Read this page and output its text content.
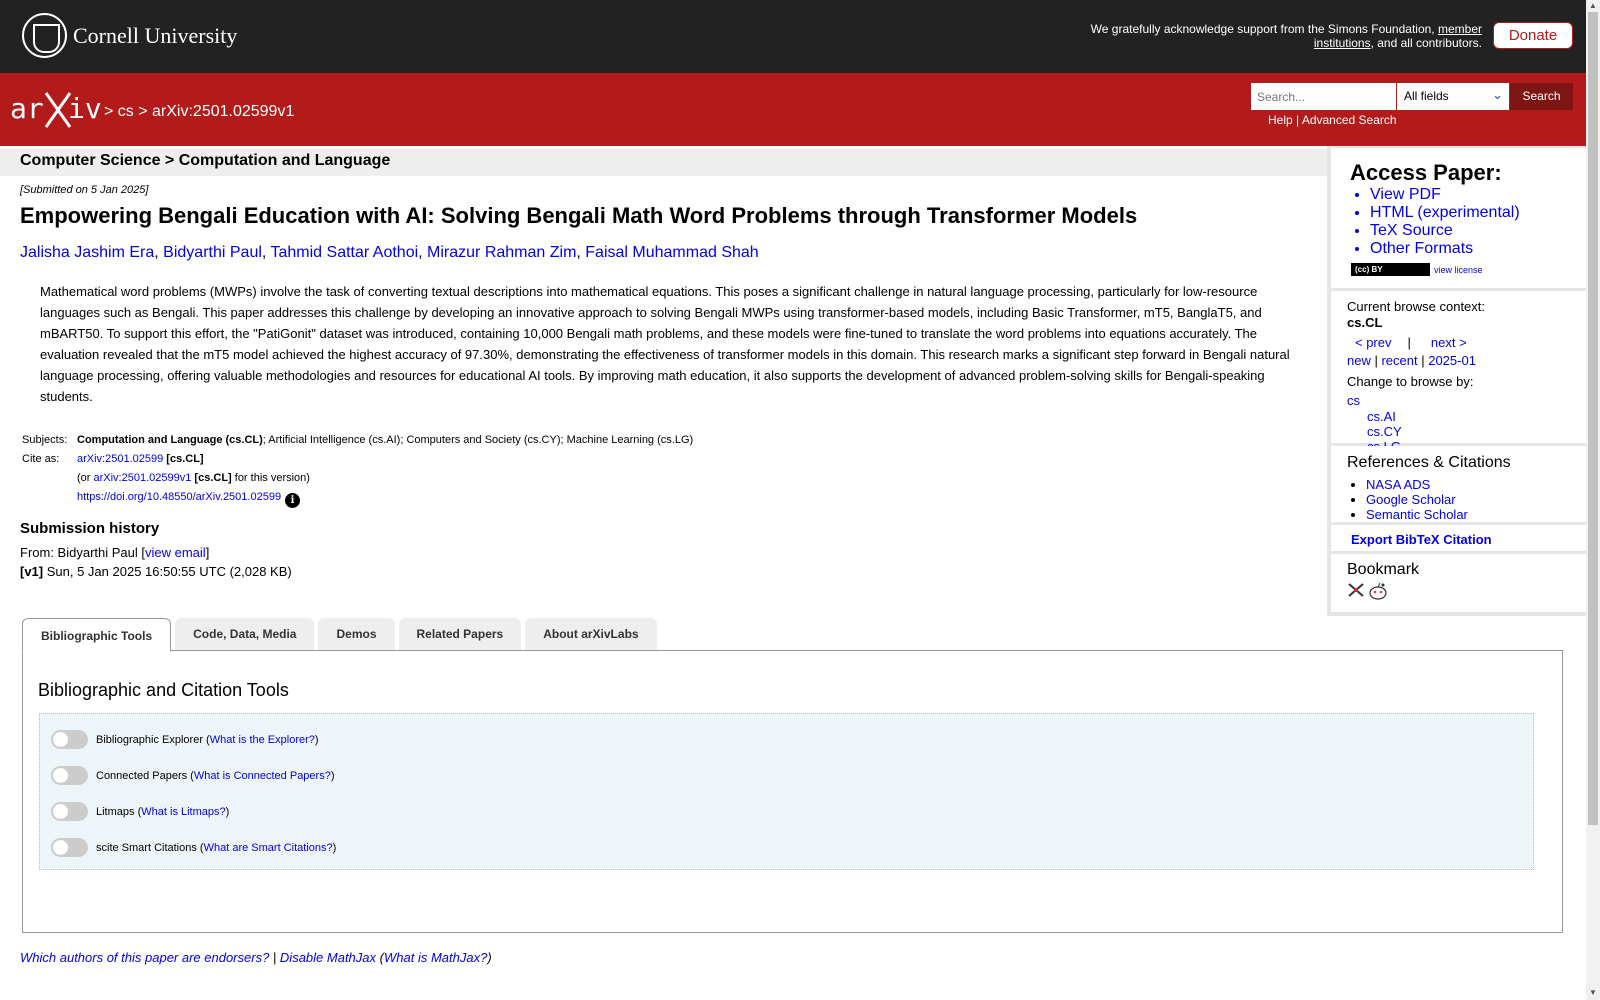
Cornell University	We gratefully acknowledge support from the Simons Foundation, member institutions, and all contributors.	Donate
ar iv > cs > arXiv:2501.02599v1
Search...
All fields	⌄	Search
Help | Advanced Search
Computer Science > Computation and Language
[Submitted on 5 Jan 2025]
Empowering Bengali Education with AI: Solving Bengali Math Word Problems through Transformer Models
Jalisha Jashim Era, Bidyarthi Paul, Tahmid Sattar Aothoi, Mirazur Rahman Zim, Faisal Muhammad Shah
Mathematical word problems (MWPs) involve the task of converting textual descriptions into mathematical equations. This poses a significant challenge in natural language processing, particularly for low-resource languages such as Bengali. This paper addresses this challenge by developing an innovative approach to solving Bengali MWPs using transformer-based models, including Basic Transformer, mT5, BanglaT5, and mBART50. To support this effort, the "PatiGonit" dataset was introduced, containing 10,000 Bengali math problems, and these models were fine-tuned to translate the word problems into equations accurately. The evaluation revealed that the mT5 model achieved the highest accuracy of 97.30%, demonstrating the effectiveness of transformer models in this domain. This research marks a significant step forward in Bengali natural language processing, offering valuable methodologies and resources for educational AI tools. By improving math education, it also supports the development of advanced problem-solving skills for Bengali-speaking students.
Subjects: Computation and Language (cs.CL); Artificial Intelligence (cs.AI); Computers and Society (cs.CY); Machine Learning (cs.LG)
Cite as:	arXiv:2501.02599 [cs.CL]
(or arXiv:2501.02599v1 [cs.CL] for this version)
https://doi.org/10.48550/arXiv.2501.02599 i
Submission history
From: Bidyarthi Paul [view email]
[v1] Sun, 5 Jan 2025 16:50:55 UTC (2,028 KB)
Access Paper:
• View PDF
• HTML (experimental)
• TeX Source
• Other Formats
(cc) BY	view license
Current browse context:
cs.CL
< prev | next >
new | recent | 2025-01
Change to browse by:
cs
cs.AI
cs.CY
References & Citations
• NASA ADS
• Google Scholar
• Semantic Scholar
Export BibTeX Citation
Bookmark
Bibliographic Tools	Code, Data, Media	Demos	Related Papers	About arXivLabs
Bibliographic and Citation Tools
Bibliographic Explorer ( What is the Explorer? )
Connected Papers ( What is Connected Papers? )
Litmaps ( What is Litmaps? )
scite Smart Citations ( What are Smart Citations? )
Which authors of this paper are endorsers? | Disable MathJax (What is MathJax?)
▲
▼
